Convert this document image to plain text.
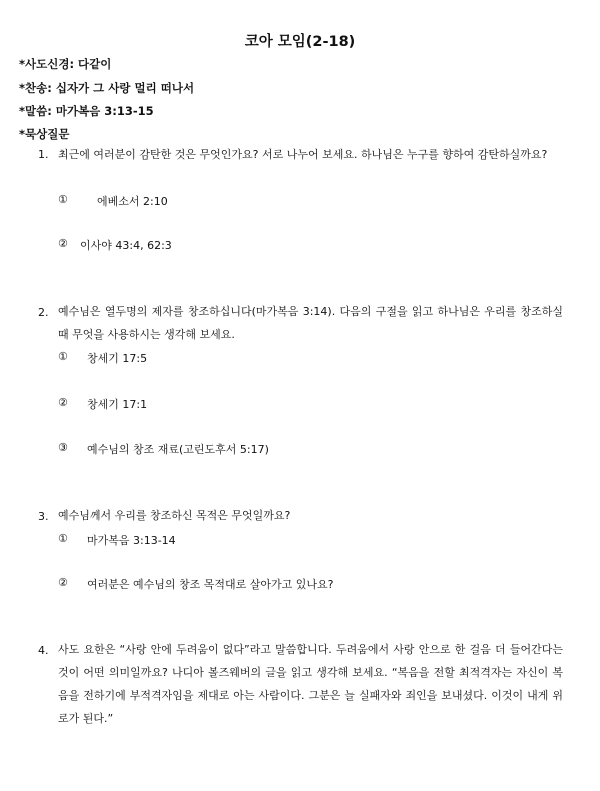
코아 모임(2-18)
*사도신경: 다같이
*찬송: 십자가 그 사랑 멀리 떠나서
*말씀: 마가복음 3:13-15
*묵상질문
1. 최근에 여러분이 감탄한 것은 무엇인가요? 서로 나누어 보세요. 하나님은 누구를 향하여 감탄하실까요?

①	에베소서 2:10
② 이사야 43:4, 62:3
2. 예수님은 열두명의 제자를 창조하십니다(마가복음 3:14). 다음의 구절을 읽고 하나님은 우리를 창조하실 때 무엇을 사용하시는 생각해 보세요.

① 창세기 17:5
② 창세기 17:1
③ 예수님의 창조 재료(고린도후서 5:17)
3. 예수님께서 우리를 창조하신 목적은 무엇일까요?

① 마가복음 3:13-14
② 여러분은 예수님의 창조 목적대로 살아가고 있나요?
4. 사도 요한은 “사랑 안에 두려움이 없다”라고 말씀합니다. 두려움에서 사랑 안으로 한 걸음 더 들어간다는 것이 어떤 의미일까요? 나디아 볼즈웨버의 글을 읽고 생각해 보세요. “복음을 전할 최적격자는 자신이 복음을 전하기에 부적격자임을 제대로 아는 사람이다. 그분은 늘 실패자와 죄인을 보내셨다. 이것이 내게 위로가 된다.”
